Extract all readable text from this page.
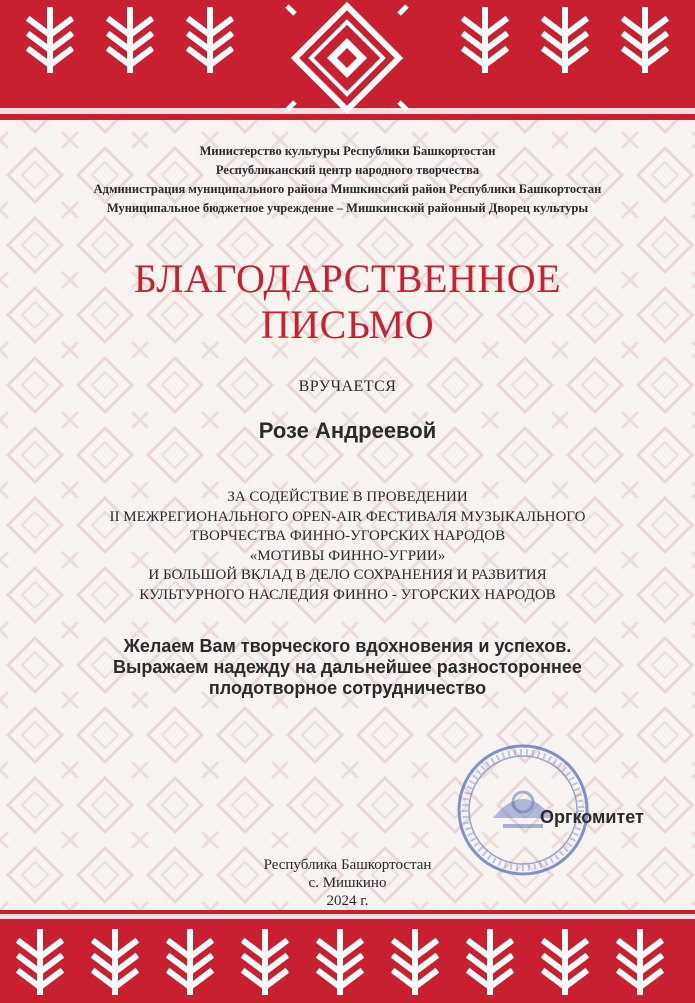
Министерство культуры Республики Башкортостан
Республиканский центр народного творчества
Администрация муниципального района Мишкинский район Республики Башкортостан
Муниципальное бюджетное учреждение – Мишкинский районный Дворец культуры
БЛАГОДАРСТВЕННОЕ
ПИСЬМО
ВРУЧАЕТСЯ
Розе Андреевой
ЗА СОДЕЙСТВИЕ В ПРОВЕДЕНИИ
II МЕЖРЕГИОНАЛЬНОГО OPEN-AIR ФЕСТИВАЛЯ МУЗЫКАЛЬНОГО
ТВОРЧЕСТВА ФИННО-УГОРСКИХ НАРОДОВ
«МОТИВЫ ФИННО-УГРИИ»
И БОЛЬШОЙ ВКЛАД В ДЕЛО СОХРАНЕНИЯ И РАЗВИТИЯ
КУЛЬТУРНОГО НАСЛЕДИЯ ФИННО - УГОРСКИХ НАРОДОВ
Желаем Вам творческого вдохновения и успехов.
Выражаем надежду на дальнейшее разностороннее
плодотворное сотрудничество
Оргкомитет
Республика Башкортостан
с. Мишкино
2024 г.
